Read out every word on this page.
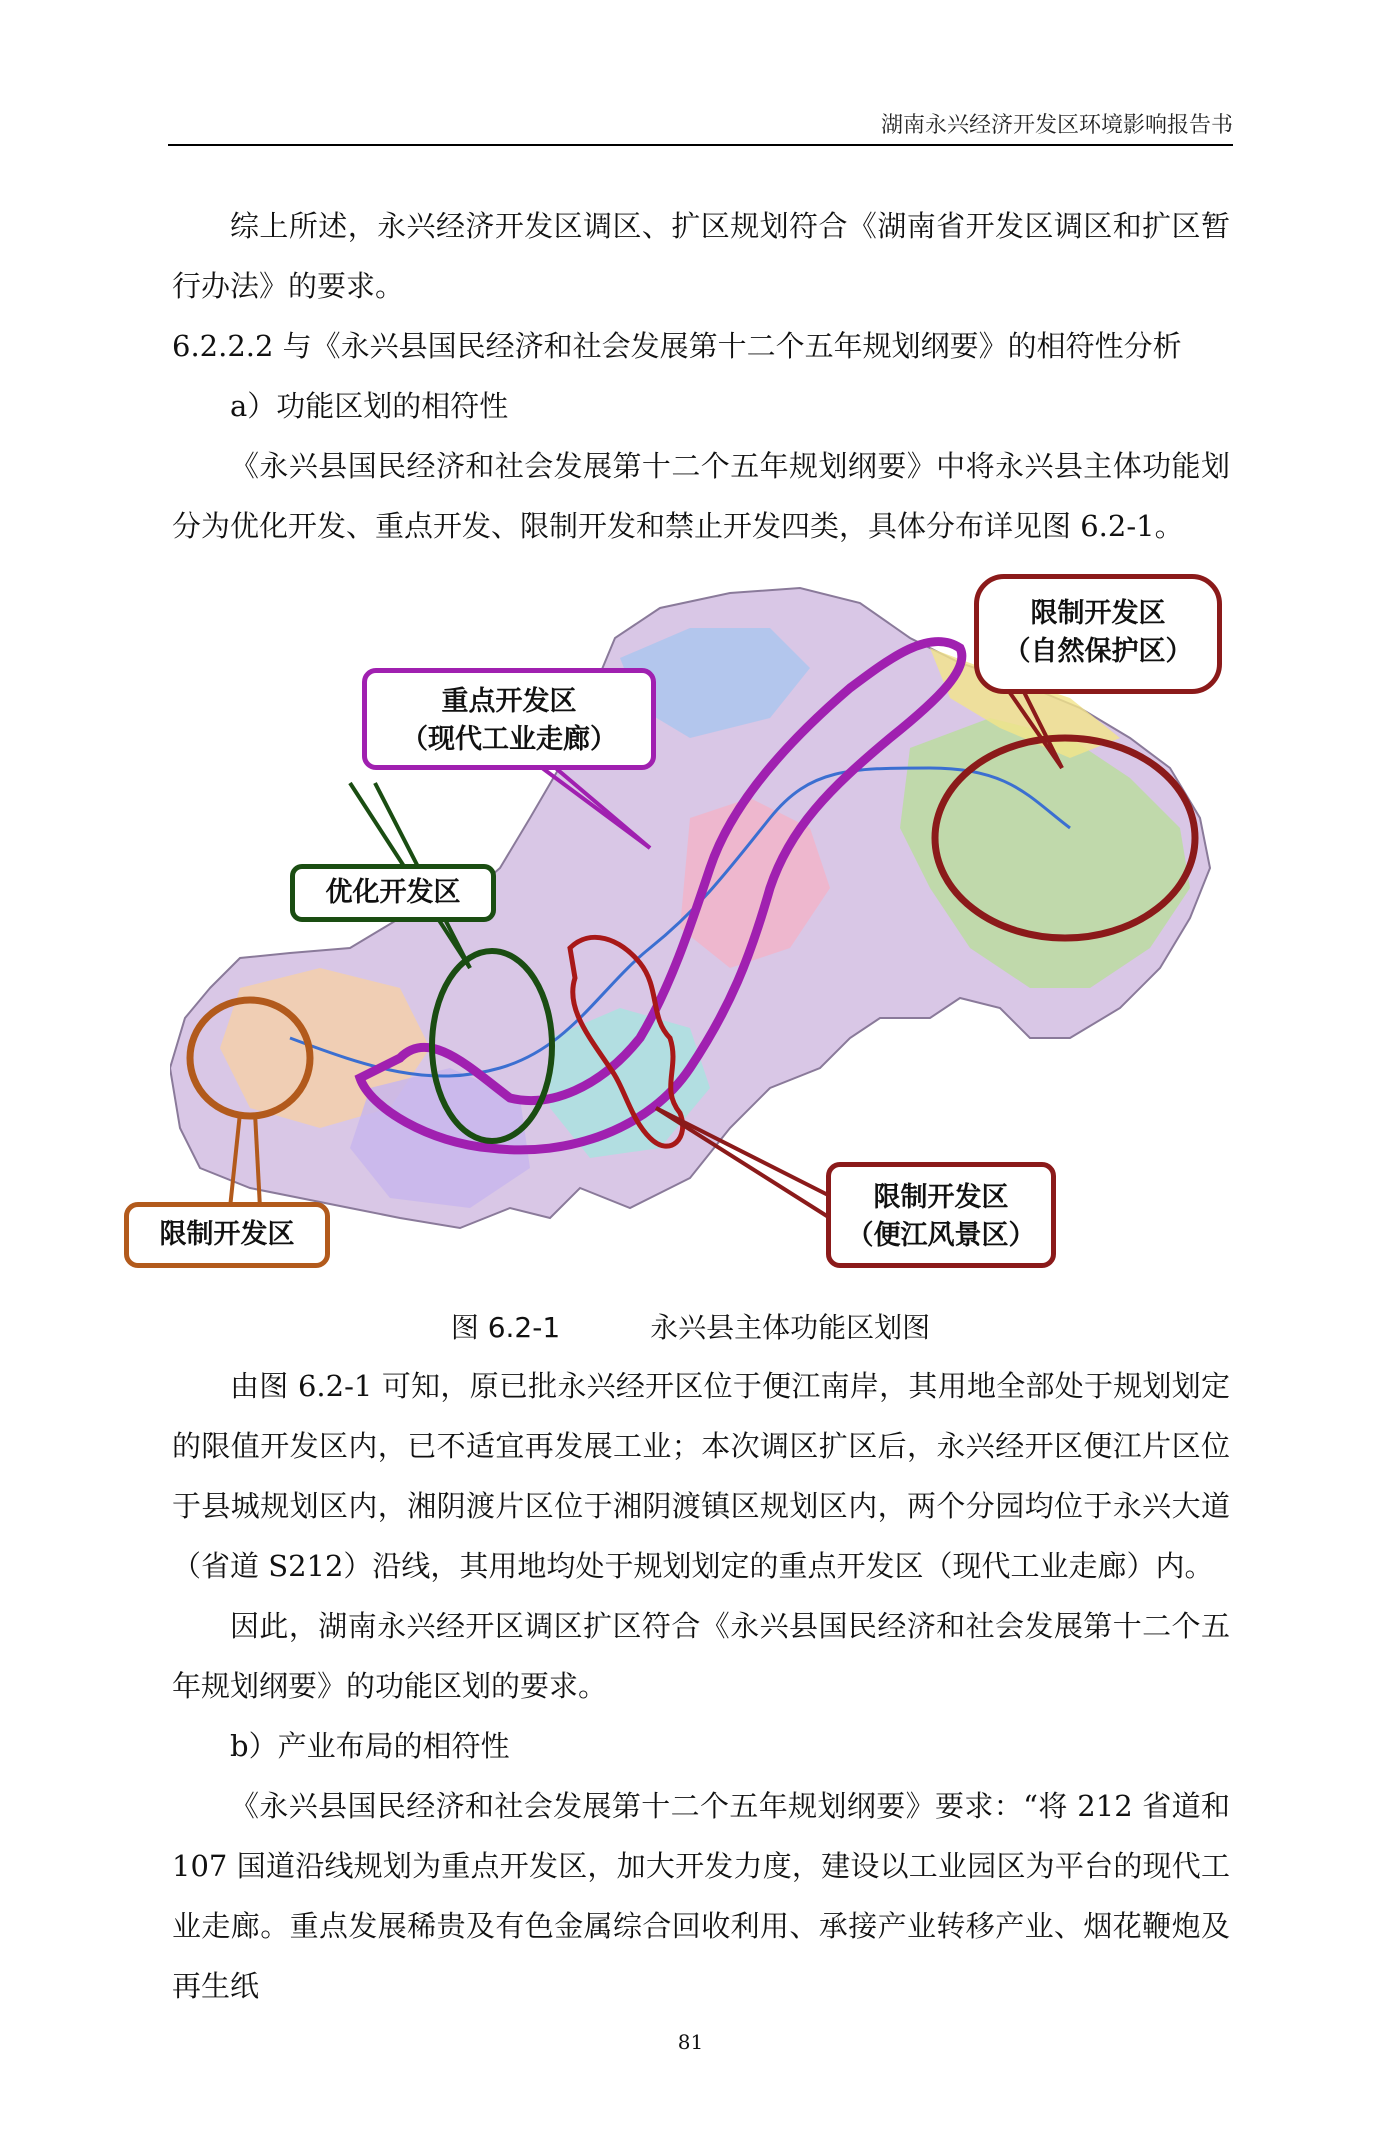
湖南永兴经济开发区环境影响报告书

综上所述，永兴经济开发区调区、扩区规划符合《湖南省开发区调区和扩区暂行办法》的要求。

6.2.2.2 与《永兴县国民经济和社会发展第十二个五年规划纲要》的相符性分析

a）功能区划的相符性

《永兴县国民经济和社会发展第十二个五年规划纲要》中将永兴县主体功能划分为优化开发、重点开发、限制开发和禁止开发四类，具体分布详见图 6.2-1。

重点开发区
（现代工业走廊）
优化开发区
限制开发区
（自然保护区）
限制开发区
限制开发区
（便江风景区）
图 6.2-1	永兴县主体功能区划图

由图 6.2-1 可知，原已批永兴经开区位于便江南岸，其用地全部处于规划划定的限值开发区内，已不适宜再发展工业；本次调区扩区后，永兴经开区便江片区位于县城规划区内，湘阴渡片区位于湘阴渡镇区规划区内，两个分园均位于永兴大道（省道 S212）沿线，其用地均处于规划划定的重点开发区（现代工业走廊）内。

因此，湖南永兴经开区调区扩区符合《永兴县国民经济和社会发展第十二个五年规划纲要》的功能区划的要求。

b）产业布局的相符性

《永兴县国民经济和社会发展第十二个五年规划纲要》要求：“将 212 省道和 107 国道沿线规划为重点开发区，加大开发力度，建设以工业园区为平台的现代工业走廊。重点发展稀贵及有色金属综合回收利用、承接产业转移产业、烟花鞭炮及再生纸

81
